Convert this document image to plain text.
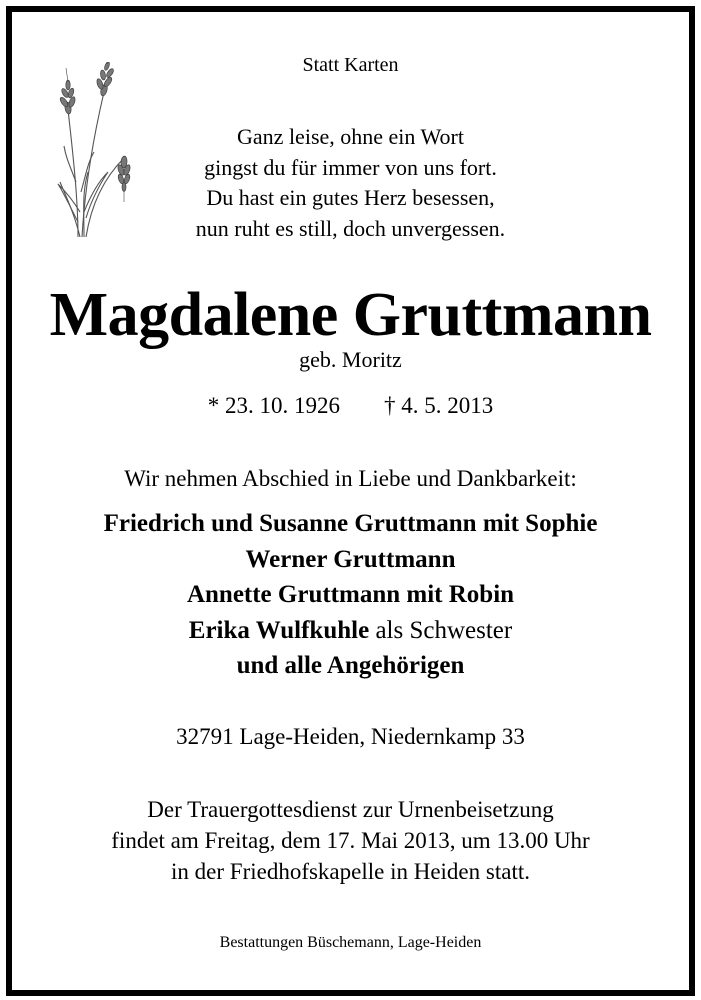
Statt Karten
Ganz leise, ohne ein Wort
gingst du für immer von uns fort.
Du hast ein gutes Herz besessen,
nun ruht es still, doch unvergessen.
Magdalene Gruttmann
geb. Moritz
* 23. 10. 1926 † 4. 5. 2013
Wir nehmen Abschied in Liebe und Dankbarkeit:
Friedrich und Susanne Gruttmann mit Sophie
Werner Gruttmann
Annette Gruttmann mit Robin
Erika Wulfkuhle als Schwester
und alle Angehörigen
32791 Lage-Heiden, Niedernkamp 33
Der Trauergottesdienst zur Urnenbeisetzung
findet am Freitag, dem 17. Mai 2013, um 13.00 Uhr
in der Friedhofskapelle in Heiden statt.
Bestattungen Büschemann, Lage-Heiden
